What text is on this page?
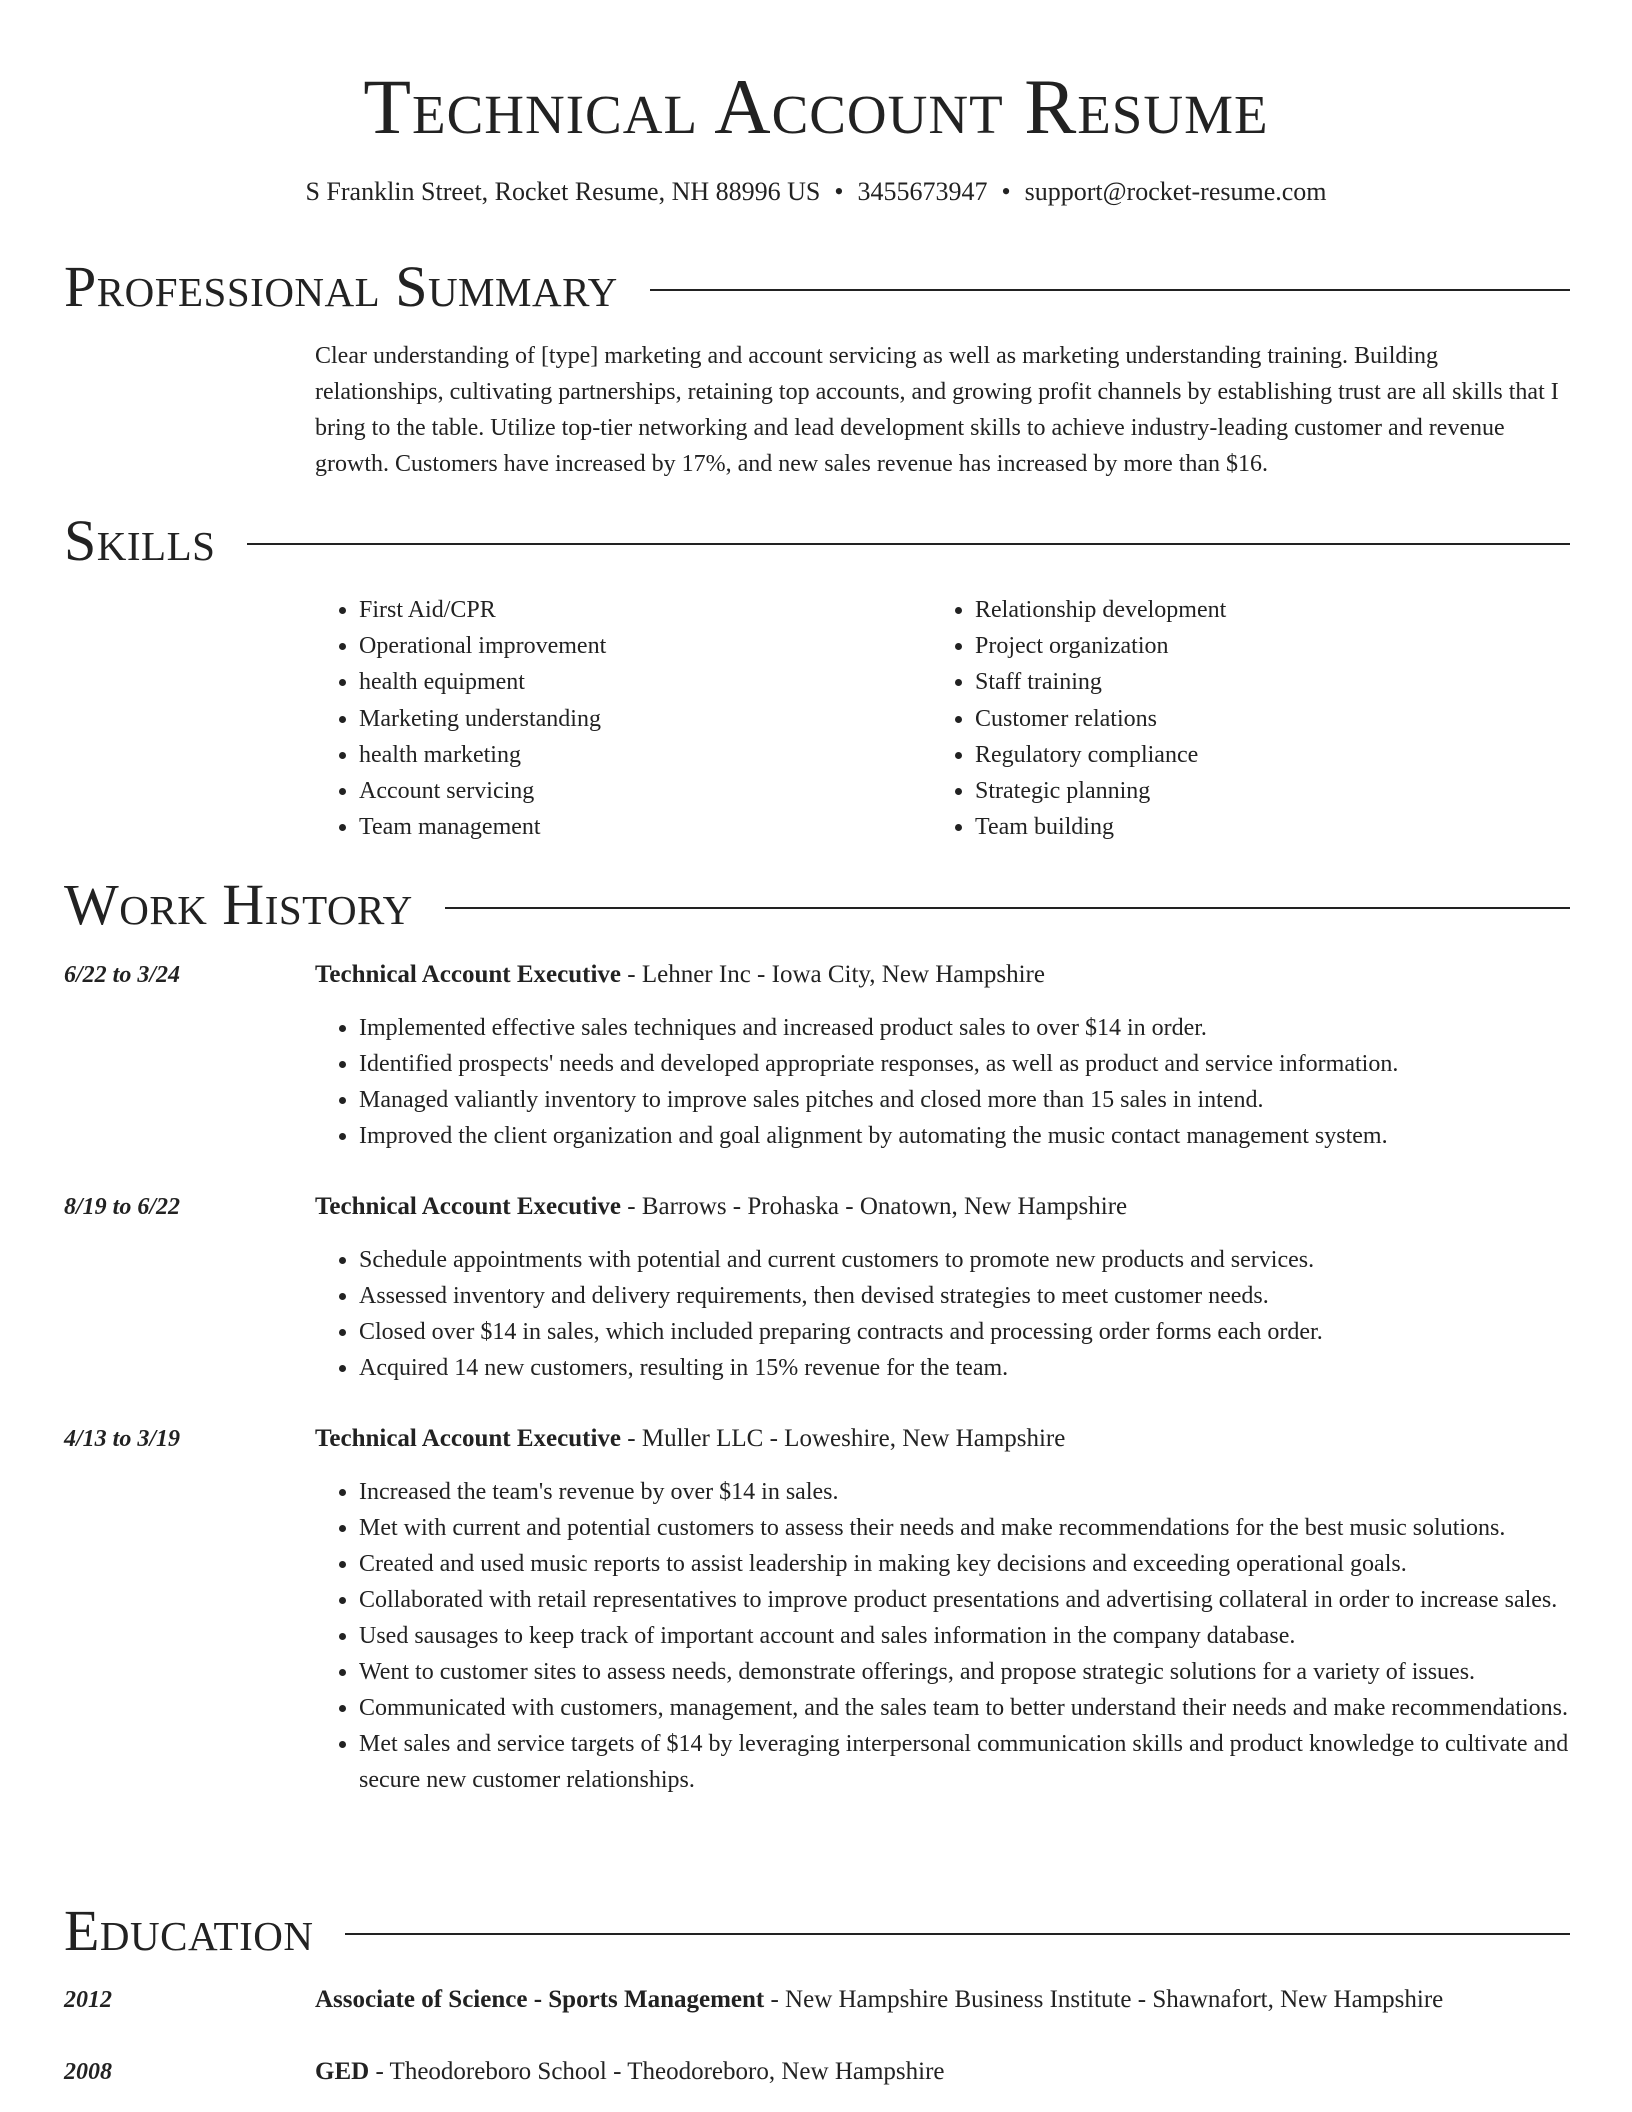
Technical Account Resume
S Franklin Street, Rocket Resume, NH 88996 US • 3455673947 • support@rocket-resume.com
Professional Summary
Clear understanding of [type] marketing and account servicing as well as marketing understanding training. Building relationships, cultivating partnerships, retaining top accounts, and growing profit channels by establishing trust are all skills that I bring to the table. Utilize top-tier networking and lead development skills to achieve industry-leading customer and revenue growth. Customers have increased by 17%, and new sales revenue has increased by more than $16.
Skills
• First Aid/CPR
• Operational improvement
• health equipment
• Marketing understanding
• health marketing
• Account servicing
• Team management
• Relationship development
• Project organization
• Staff training
• Customer relations
• Regulatory compliance
• Strategic planning
• Team building
Work History
6/22 to 3/24	Technical Account Executive - Lehner Inc - Iowa City, New Hampshire
• Implemented effective sales techniques and increased product sales to over $14 in order.
• Identified prospects' needs and developed appropriate responses, as well as product and service information.
• Managed valiantly inventory to improve sales pitches and closed more than 15 sales in intend.
• Improved the client organization and goal alignment by automating the music contact management system.
8/19 to 6/22	Technical Account Executive - Barrows - Prohaska - Onatown, New Hampshire
• Schedule appointments with potential and current customers to promote new products and services.
• Assessed inventory and delivery requirements, then devised strategies to meet customer needs.
• Closed over $14 in sales, which included preparing contracts and processing order forms each order.
• Acquired 14 new customers, resulting in 15% revenue for the team.
4/13 to 3/19	Technical Account Executive - Muller LLC - Loweshire, New Hampshire
• Increased the team's revenue by over $14 in sales.
• Met with current and potential customers to assess their needs and make recommendations for the best music solutions.
• Created and used music reports to assist leadership in making key decisions and exceeding operational goals.
• Collaborated with retail representatives to improve product presentations and advertising collateral in order to increase sales.
• Used sausages to keep track of important account and sales information in the company database.
• Went to customer sites to assess needs, demonstrate offerings, and propose strategic solutions for a variety of issues.
• Communicated with customers, management, and the sales team to better understand their needs and make recommendations.
• Met sales and service targets of $14 by leveraging interpersonal communication skills and product knowledge to cultivate and secure new customer relationships.
Education
2012	Associate of Science - Sports Management - New Hampshire Business Institute - Shawnafort, New Hampshire
2008	GED - Theodoreboro School - Theodoreboro, New Hampshire
